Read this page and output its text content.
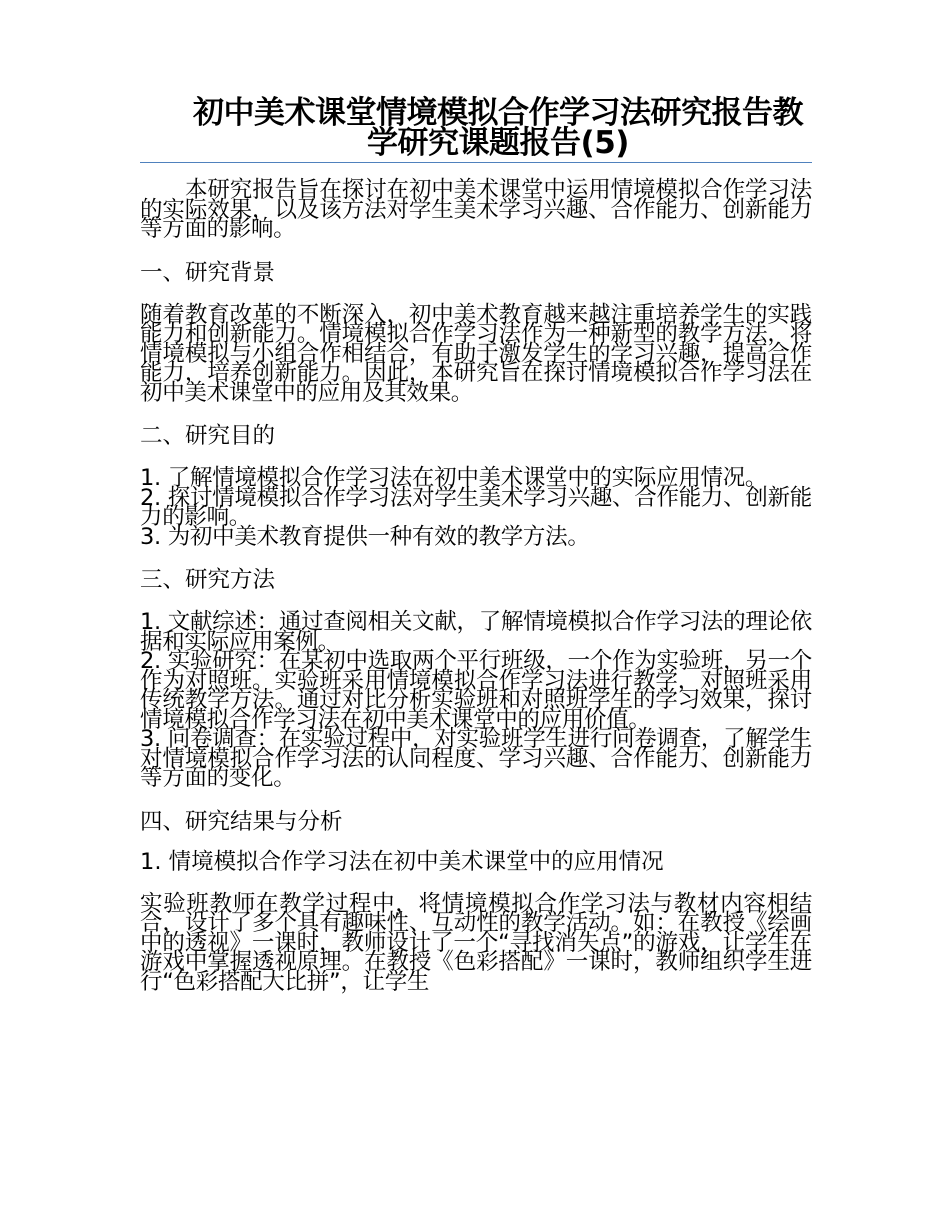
初中美术课堂情境模拟合作学习法研究报告教学研究课题报告(5)

本研究报告旨在探讨在初中美术课堂中运用情境模拟合作学习法的实际效果，以及该方法对学生美术学习兴趣、合作能力、创新能力等方面的影响。

一、研究背景

随着教育改革的不断深入，初中美术教育越来越注重培养学生的实践能力和创新能力。情境模拟合作学习法作为一种新型的教学方法，将情境模拟与小组合作相结合，有助于激发学生的学习兴趣，提高合作能力，培养创新能力。因此，本研究旨在探讨情境模拟合作学习法在初中美术课堂中的应用及其效果。

二、研究目的

1. 了解情境模拟合作学习法在初中美术课堂中的实际应用情况。

2. 探讨情境模拟合作学习法对学生美术学习兴趣、合作能力、创新能力的影响。

3. 为初中美术教育提供一种有效的教学方法。

三、研究方法

1. 文献综述：通过查阅相关文献，了解情境模拟合作学习法的理论依据和实际应用案例。

2. 实验研究：在某初中选取两个平行班级，一个作为实验班，另一个作为对照班。实验班采用情境模拟合作学习法进行教学，对照班采用传统教学方法。通过对比分析实验班和对照班学生的学习效果，探讨情境模拟合作学习法在初中美术课堂中的应用价值。

3. 问卷调查：在实验过程中，对实验班学生进行问卷调查，了解学生对情境模拟合作学习法的认同程度、学习兴趣、合作能力、创新能力等方面的变化。

四、研究结果与分析

1. 情境模拟合作学习法在初中美术课堂中的应用情况

实验班教师在教学过程中，将情境模拟合作学习法与教材内容相结合，设计了多个具有趣味性、互动性的教学活动。如：在教授《绘画中的透视》一课时，教师设计了一个“寻找消失点”的游戏，让学生在游戏中掌握透视原理。在教授《色彩搭配》一课时，教师组织学生进行“色彩搭配大比拼”，让学生
